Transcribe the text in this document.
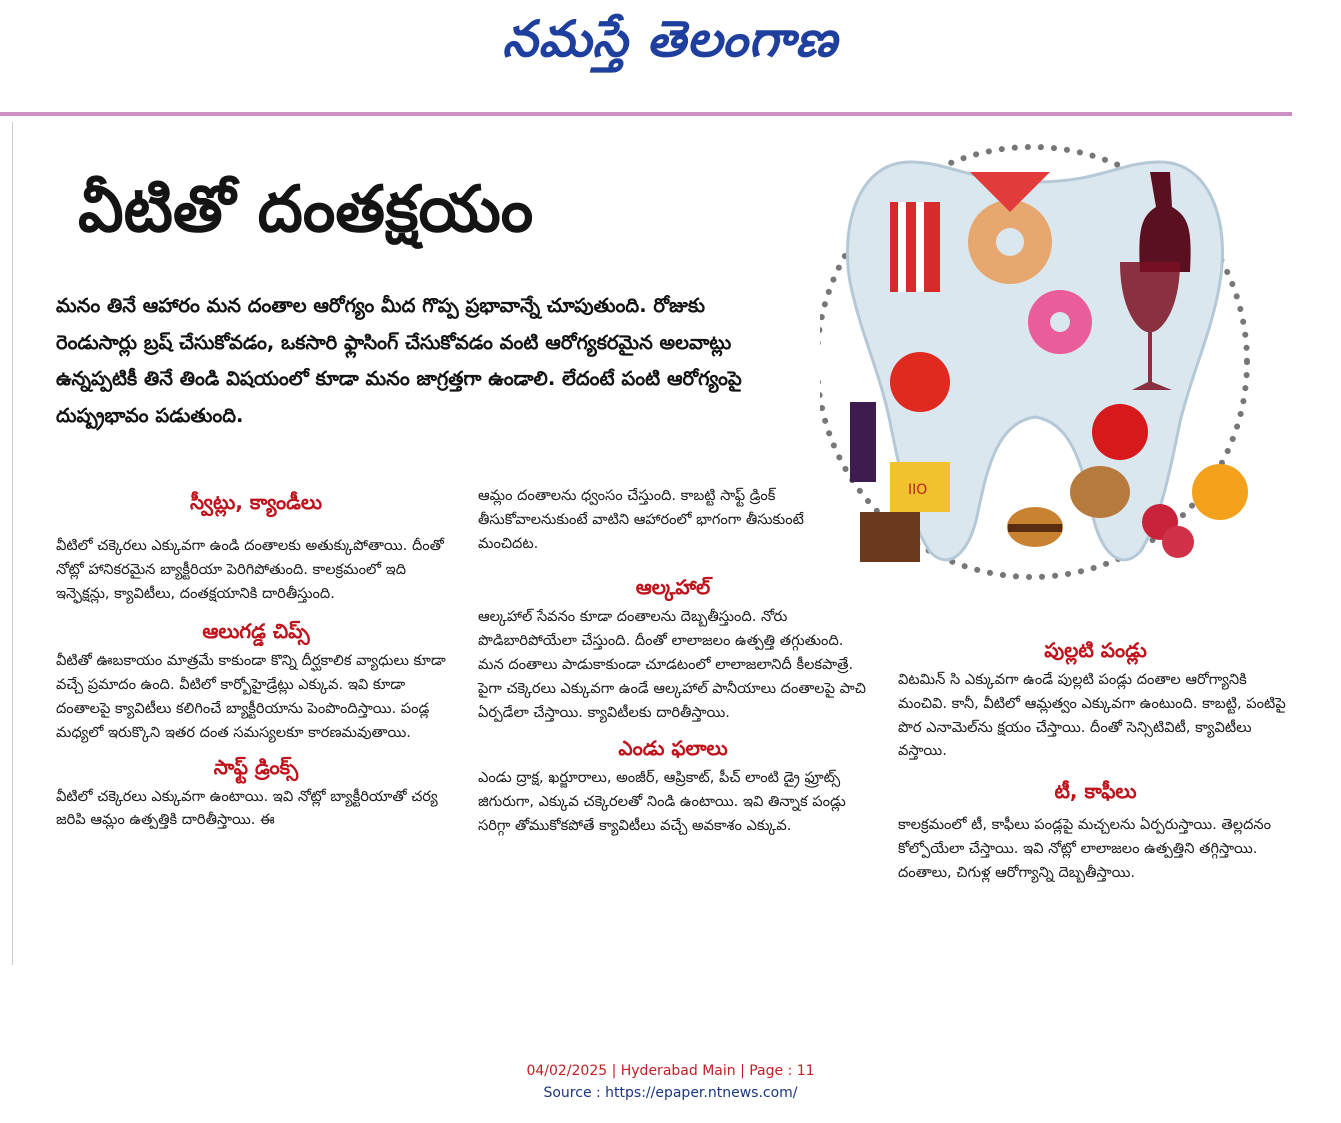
నమస్తే తెలంగాణ
వీటితో దంతక్షయం
మనం తినే ఆహారం మన దంతాల ఆరోగ్యం మీద గొప్ప ప్రభావాన్నే చూపుతుంది. రోజుకు రెండుసార్లు బ్రష్ చేసుకోవడం, ఒకసారి ఫ్లాసింగ్ చేసుకోవడం వంటి ఆరోగ్యకరమైన అలవాట్లు ఉన్నప్పటికీ తినే తిండి విషయంలో కూడా మనం జాగ్రత్తగా ఉండాలి. లేదంటే పంటి ఆరోగ్యంపై దుష్ప్రభావం పడుతుంది.
IIO
స్వీట్లు, క్యాండీలు

వీటిలో చక్కెరలు ఎక్కువగా ఉండి దంతాలకు అతుక్కుపోతాయి. దీంతో నోట్లో హానికరమైన బ్యాక్టీరియా పెరిగిపోతుంది. కాలక్రమంలో ఇది ఇన్ఫెక్షన్లు, క్యావిటీలు, దంతక్షయానికి దారితీస్తుంది.

ఆలుగడ్డ చిప్స్

వీటితో ఊబకాయం మాత్రమే కాకుండా కొన్ని దీర్ఘకాలిక వ్యాధులు కూడా వచ్చే ప్రమాదం ఉంది. వీటిలో కార్బోహైడ్రేట్లు ఎక్కువ. ఇవి కూడా దంతాలపై క్యావిటీలు కలిగించే బ్యాక్టీరియాను పెంపొందిస్తాయి. పండ్ల మధ్యలో ఇరుక్కొని ఇతర దంత సమస్యలకూ కారణమవుతాయి.

సాఫ్ట్ డ్రింక్స్

వీటిలో చక్కెరలు ఎక్కువగా ఉంటాయి. ఇవి నోట్లో బ్యాక్టీరియాతో చర్య జరిపి ఆమ్లం ఉత్పత్తికి దారితీస్తాయి. ఈ

ఆమ్లం దంతాలను ధ్వంసం చేస్తుంది. కాబట్టి సాఫ్ట్ డ్రింక్ తీసుకోవాలనుకుంటే వాటిని ఆహారంలో భాగంగా తీసుకుంటే మంచిదట.

ఆల్కహాల్

ఆల్కహాల్ సేవనం కూడా దంతాలను దెబ్బతీస్తుంది. నోరు పొడిబారిపోయేలా చేస్తుంది. దీంతో లాలాజలం ఉత్పత్తి తగ్గుతుంది. మన దంతాలు పాడుకాకుండా చూడటంలో లాలాజలానిదీ కీలకపాత్రే. పైగా చక్కెరలు ఎక్కువగా ఉండే ఆల్కహాల్ పానీయాలు దంతాలపై పాచి ఏర్పడేలా చేస్తాయి. క్యావిటీలకు దారితీస్తాయి.

ఎండు ఫలాలు

ఎండు ద్రాక్ష, ఖర్జూరాలు, అంజీర్, ఆప్రికాట్, పీచ్ లాంటి డ్రై ఫ్రూట్స్ జిగురుగా, ఎక్కువ చక్కెరలతో నిండి ఉంటాయి. ఇవి తిన్నాక పండ్లు సరిగ్గా తోముకోకపోతే క్యావిటీలు వచ్చే అవకాశం ఎక్కువ.

పుల్లటి పండ్లు

విటమిన్ సి ఎక్కువగా ఉండే పుల్లటి పండ్లు దంతాల ఆరోగ్యానికి మంచివి. కానీ, వీటిలో ఆమ్లత్వం ఎక్కువగా ఉంటుంది. కాబట్టి, పంటిపై పొర ఎనామెల్‌ను క్షయం చేస్తాయి. దీంతో సెన్సిటివిటీ, క్యావిటీలు వస్తాయి.

టీ, కాఫీలు

కాలక్రమంలో టీ, కాఫీలు పండ్లపై మచ్చలను ఏర్పరుస్తాయి. తెల్లదనం కోల్పోయేలా చేస్తాయి. ఇవి నోట్లో లాలాజలం ఉత్పత్తిని తగ్గిస్తాయి. దంతాలు, చిగుళ్ల ఆరోగ్యాన్ని దెబ్బతీస్తాయి.

04/02/2025 | Hyderabad Main | Page : 11
Source : https://epaper.ntnews.com/
